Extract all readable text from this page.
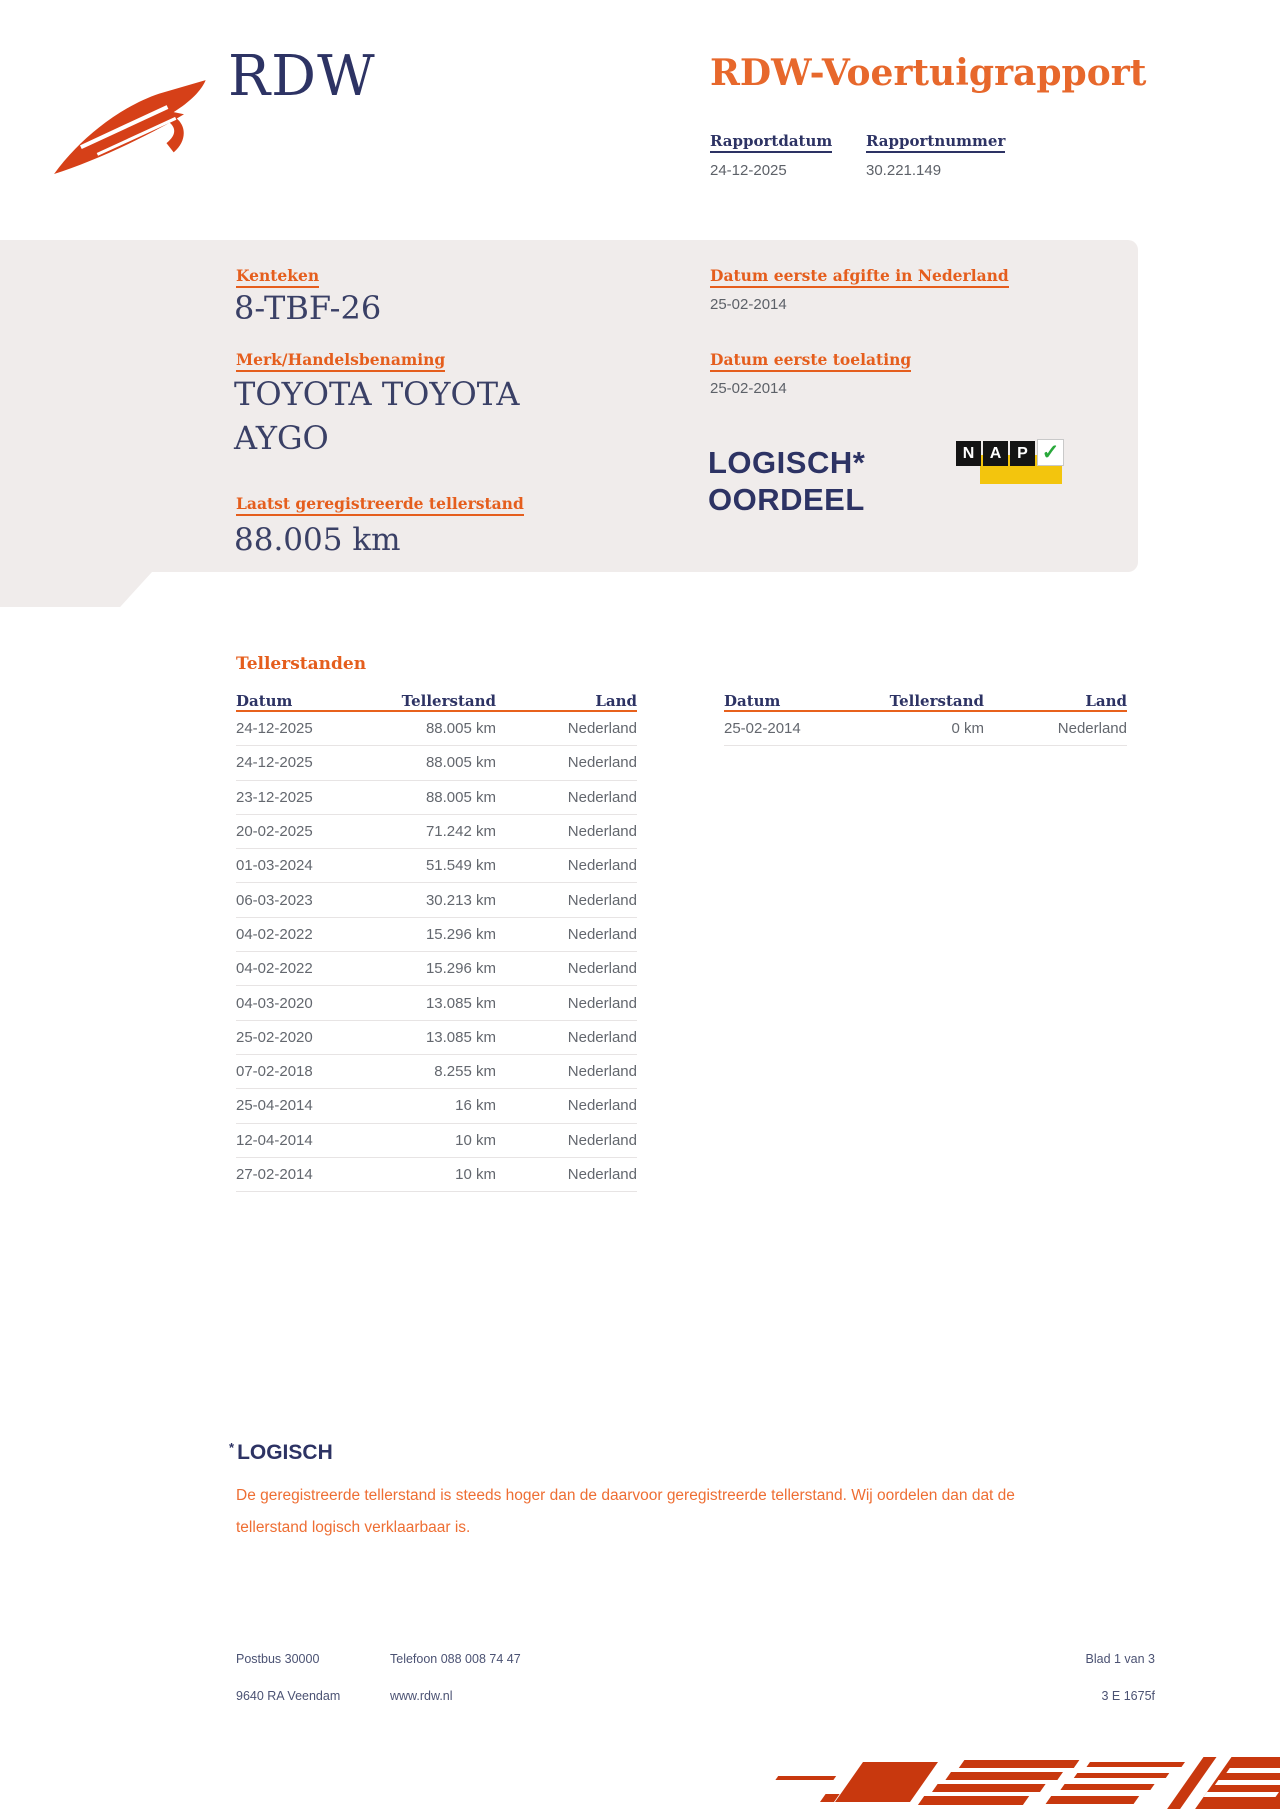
RDW	RDW-Voertuigrapport
Rapportdatum
24-12-2025
Rapportnummer
30.221.149
Kenteken
8-TBF-26
Merk/Handelsbenaming
TOYOTA TOYOTA AYGO
Laatst geregistreerde tellerstand
88.005 km
Datum eerste afgifte in Nederland
25-02-2014
Datum eerste toelating
25-02-2014
LOGISCH*
OORDEEL
N A P ✓
Tellerstanden
Datum	Tellerstand	Land
24-12-2025	88.005 km	Nederland
24-12-2025	88.005 km	Nederland
23-12-2025	88.005 km	Nederland
20-02-2025	71.242 km	Nederland
01-03-2024	51.549 km	Nederland
06-03-2023	30.213 km	Nederland
04-02-2022	15.296 km	Nederland
04-02-2022	15.296 km	Nederland
04-03-2020	13.085 km	Nederland
25-02-2020	13.085 km	Nederland
07-02-2018	8.255 km	Nederland
25-04-2014	16 km	Nederland
12-04-2014	10 km	Nederland
27-02-2014	10 km	Nederland
Datum	Tellerstand	Land
25-02-2014	0 km	Nederland
* LOGISCH
De geregistreerde tellerstand is steeds hoger dan de daarvoor geregistreerde tellerstand. Wij oordelen dan dat de tellerstand logisch verklaarbaar is.
Postbus 30000
9640 RA Veendam
Telefoon 088 008 74 47
www.rdw.nl
Blad 1 van 3
3 E 1675f
